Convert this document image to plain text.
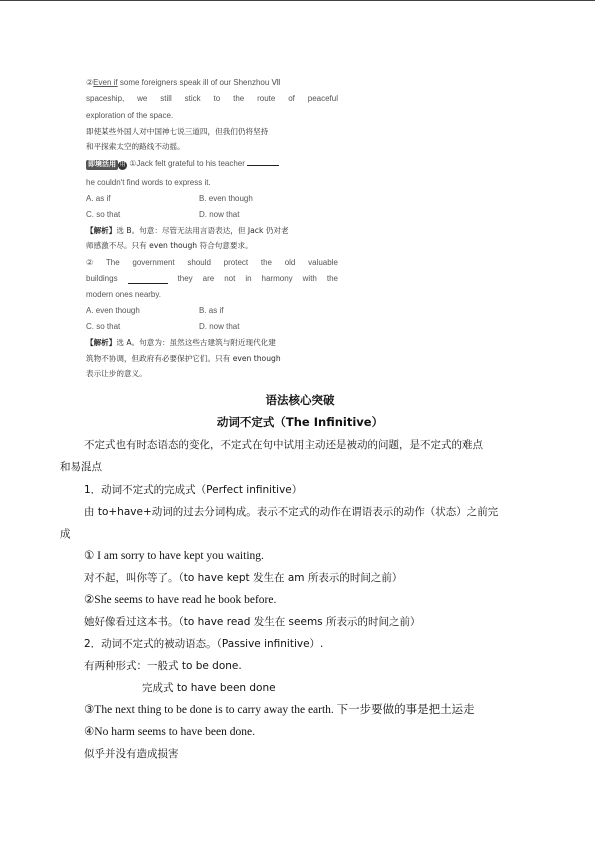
②Even if some foreigners speak ill of our Shenzhou Ⅶ
spaceship, we still stick to the route of peaceful
exploration of the space.
即使某些外国人对中国神七说三道四，但我们仍将坚持
和平探索太空的路线不动摇。
即境活用 用 ①Jack felt grateful to his teacher
he couldn't find words to express it.
A. as if	B. even though
C. so that	D. now that
【解析】选 B。句意：尽管无法用言语表达，但 Jack 仍对老
师感激不尽。只有 even though 符合句意要求。
② The government should protect the old valuable
buildings	they are not in harmony with the
modern ones nearby.
A. even though	B. as if
C. so that	D. now that
【解析】选 A。句意为：虽然这些古建筑与附近现代化建
筑物不协调，但政府有必要保护它们。只有 even though
表示让步的意义。
语法核心突破
动词不定式（The Infinitive）
不定式也有时态语态的变化，不定式在句中试用主动还是被动的问题，是不定式的难点
和易混点
1．动词不定式的完成式（Perfect infinitive）
由 to+have+动词的过去分词构成。表示不定式的动作在谓语表示的动作（状态）之前完
成
① I am sorry to have kept you waiting.
对不起，叫你等了。（to have kept 发生在 am 所表示的时间之前）
②She seems to have read he book before.
她好像看过这本书。（to have read 发生在 seems 所表示的时间之前）
2．动词不定式的被动语态。（Passive infinitive）.
有两种形式：一般式 to be done.
完成式 to have been done
③The next thing to be done is to carry away the earth. 下一步要做的事是把土运走
④No harm seems to have been done.
似乎并没有造成损害
